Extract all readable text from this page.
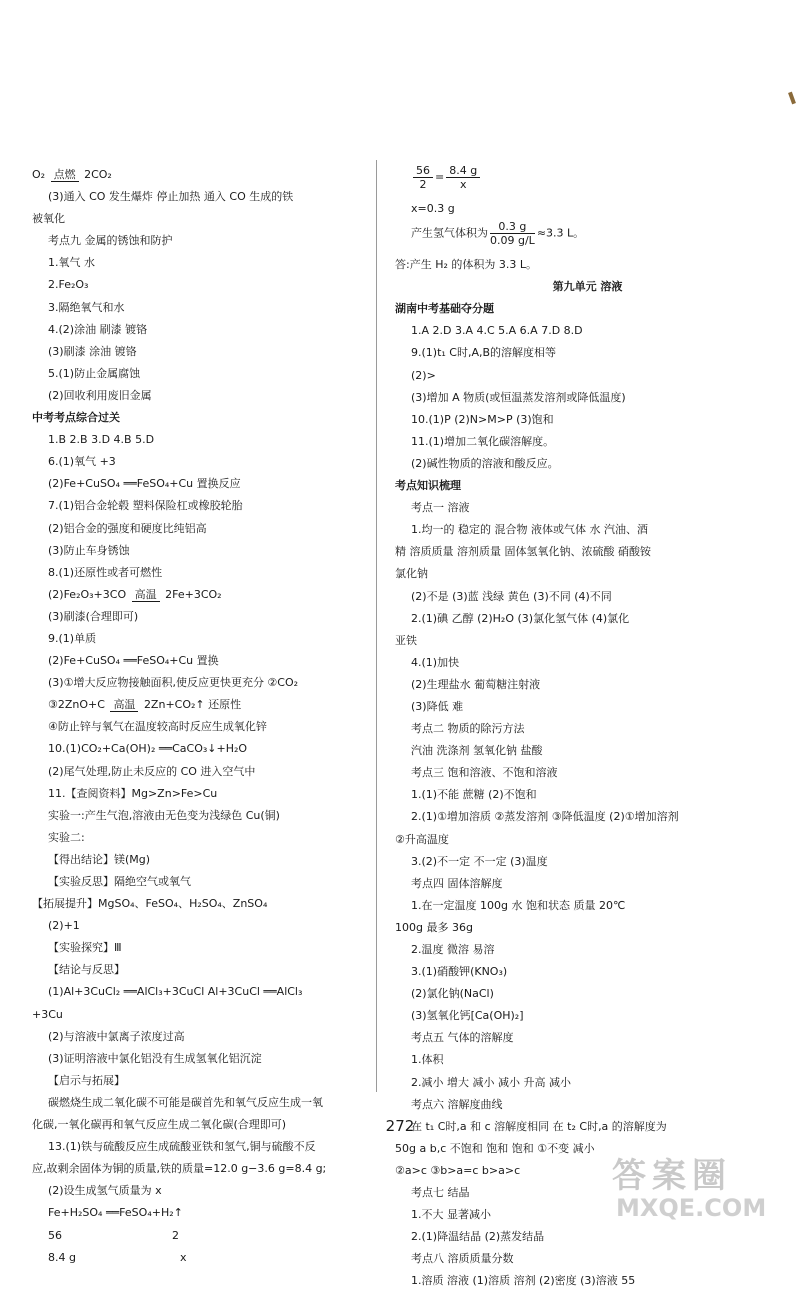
O₂ 点燃 2CO₂
(3)通入 CO 发生爆炸 停止加热 通入 CO 生成的铁
被氧化
考点九 金属的锈蚀和防护
1.氧气 水
2.Fe₂O₃
3.隔绝氧气和水
4.(2)涂油 刷漆 镀铬
(3)刷漆 涂油 镀铬
5.(1)防止金属腐蚀
(2)回收利用废旧金属
中考考点综合过关
1.B 2.B 3.D 4.B 5.D
6.(1)氧气 +3
(2)Fe+CuSO₄ ══FeSO₄+Cu 置换反应
7.(1)铝合金轮毂 塑料保险杠或橡胶轮胎
(2)铝合金的强度和硬度比纯铝高
(3)防止车身锈蚀
8.(1)还原性或者可燃性
(2)Fe₂O₃+3CO 高温 2Fe+3CO₂
(3)刷漆(合理即可)
9.(1)单质
(2)Fe+CuSO₄ ══FeSO₄+Cu 置换
(3)①增大反应物接触面积,使反应更快更充分 ②CO₂
③2ZnO+C 高温 2Zn+CO₂↑ 还原性
④防止锌与氧气在温度较高时反应生成氧化锌
10.(1)CO₂+Ca(OH)₂ ══CaCO₃↓+H₂O
(2)尾气处理,防止未反应的 CO 进入空气中
11.【查阅资料】Mg>Zn>Fe>Cu
实验一:产生气泡,溶液由无色变为浅绿色 Cu(铜)
实验二:
【得出结论】镁(Mg)
【实验反思】隔绝空气或氧气
【拓展提升】MgSO₄、FeSO₄、H₂SO₄、ZnSO₄
(2)+1
【实验探究】Ⅲ
【结论与反思】
(1)Al+3CuCl₂ ══AlCl₃+3CuCl Al+3CuCl ══AlCl₃
+3Cu
(2)与溶液中氯离子浓度过高
(3)证明溶液中氯化铝没有生成氢氧化铝沉淀
【启示与拓展】
碳燃烧生成二氧化碳不可能是碳首先和氧气反应生成一氧
化碳,一氧化碳再和氧气反应生成二氧化碳(合理即可)
13.(1)铁与硫酸反应生成硫酸亚铁和氢气,铜与硫酸不反
应,故剩余固体为铜的质量,铁的质量=12.0 g−3.6 g=8.4 g;
(2)设生成氢气质量为 x
Fe+H₂SO₄ ══FeSO₄+H₂↑
56	2
8.4 g	x
$\frac{56}{2} = \frac{8.4 g}{x}$
x=0.3 g
产生氢气体积为 $\frac{0.3 g}{0.09 g/L} \approx 3.3$ L。
答:产生 H₂ 的体积为 3.3 L。
第九单元 溶液
湖南中考基础夺分题
1.A 2.D 3.A 4.C 5.A 6.A 7.D 8.D
9.(1)t₁ C时,A,B的溶解度相等
(2)>
(3)增加 A 物质(或恒温蒸发溶剂或降低温度)
10.(1)P (2)N>M>P (3)饱和
11.(1)增加二氧化碳溶解度。
(2)碱性物质的溶液和酸反应。
考点知识梳理
考点一 溶液
1.均一的 稳定的 混合物 液体或气体 水 汽油、酒
精 溶质质量 溶剂质量 固体氢氧化钠、浓硫酸 硝酸铵
氯化钠
(2)不是 (3)蓝 浅绿 黄色 (3)不同 (4)不同
2.(1)碘 乙醇 (2)H₂O (3)氯化氢气体 (4)氯化
亚铁
4.(1)加快
(2)生理盐水 葡萄糖注射液
(3)降低 难
考点二 物质的除污方法
汽油 洗涤剂 氢氧化钠 盐酸
考点三 饱和溶液、不饱和溶液
1.(1)不能 蔗糖 (2)不饱和
2.(1)①增加溶质 ②蒸发溶剂 ③降低温度 (2)①增加溶剂
②升高温度
3.(2)不一定 不一定 (3)温度
考点四 固体溶解度
1.在一定温度 100g 水 饱和状态 质量 20℃
100g 最多 36g
2.温度 微溶 易溶
3.(1)硝酸钾(KNO₃)
(2)氯化钠(NaCl)
(3)氢氧化钙[Ca(OH)₂]
考点五 气体的溶解度
1.体积
2.减小 增大 减小 减小 升高 减小
考点六 溶解度曲线
在 t₁ C时,a 和 c 溶解度相同 在 t₂ C时,a 的溶解度为
50g a b,c 不饱和 饱和 饱和 ①不变 减小
②a>c ③b>a=c b>a>c
考点七 结晶
1.不大 显著减小
2.(1)降温结晶 (2)蒸发结晶
考点八 溶质质量分数
1.溶质 溶液 (1)溶质 溶剂 (2)密度 (3)溶液 55
272
答案圈
MXQE.COM
